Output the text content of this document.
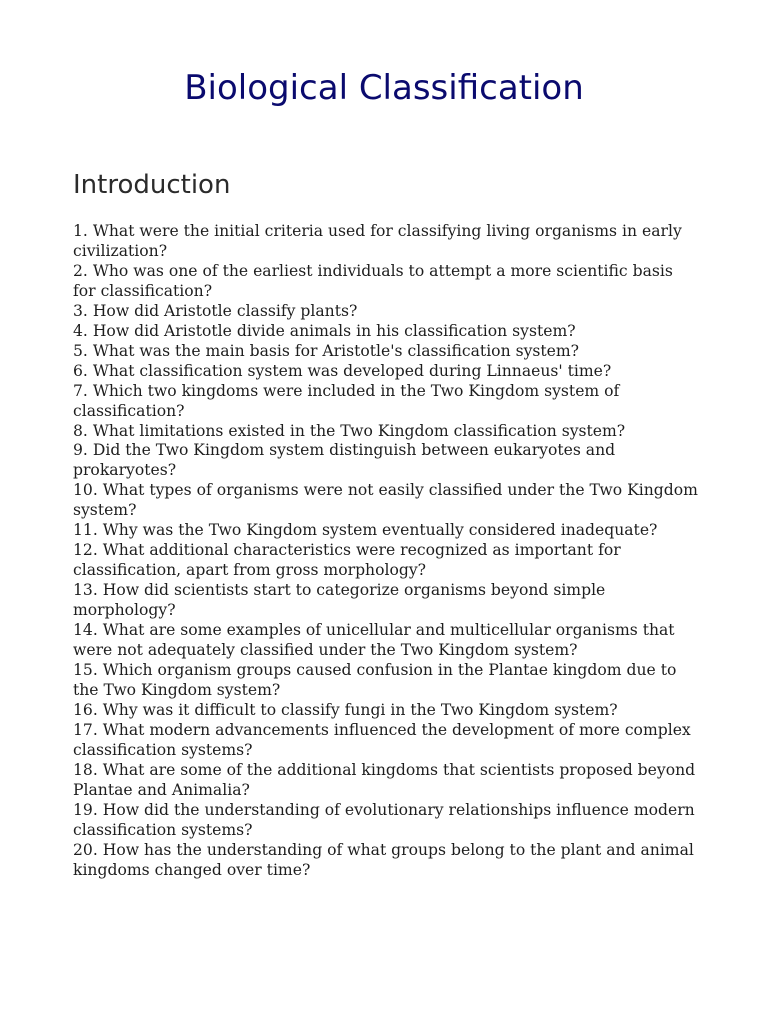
Biological Classification
Introduction
1. What were the initial criteria used for classifying living organisms in early civilization?
2. Who was one of the earliest individuals to attempt a more scientific basis for classification?
3. How did Aristotle classify plants?
4. How did Aristotle divide animals in his classification system?
5. What was the main basis for Aristotle's classification system?
6. What classification system was developed during Linnaeus' time?
7. Which two kingdoms were included in the Two Kingdom system of classification?
8. What limitations existed in the Two Kingdom classification system?
9. Did the Two Kingdom system distinguish between eukaryotes and prokaryotes?
10. What types of organisms were not easily classified under the Two Kingdom system?
11. Why was the Two Kingdom system eventually considered inadequate?
12. What additional characteristics were recognized as important for classification, apart from gross morphology?
13. How did scientists start to categorize organisms beyond simple morphology?
14. What are some examples of unicellular and multicellular organisms that were not adequately classified under the Two Kingdom system?
15. Which organism groups caused confusion in the Plantae kingdom due to the Two Kingdom system?
16. Why was it difficult to classify fungi in the Two Kingdom system?
17. What modern advancements influenced the development of more complex classification systems?
18. What are some of the additional kingdoms that scientists proposed beyond Plantae and Animalia?
19. How did the understanding of evolutionary relationships influence modern classification systems?
20. How has the understanding of what groups belong to the plant and animal kingdoms changed over time?
